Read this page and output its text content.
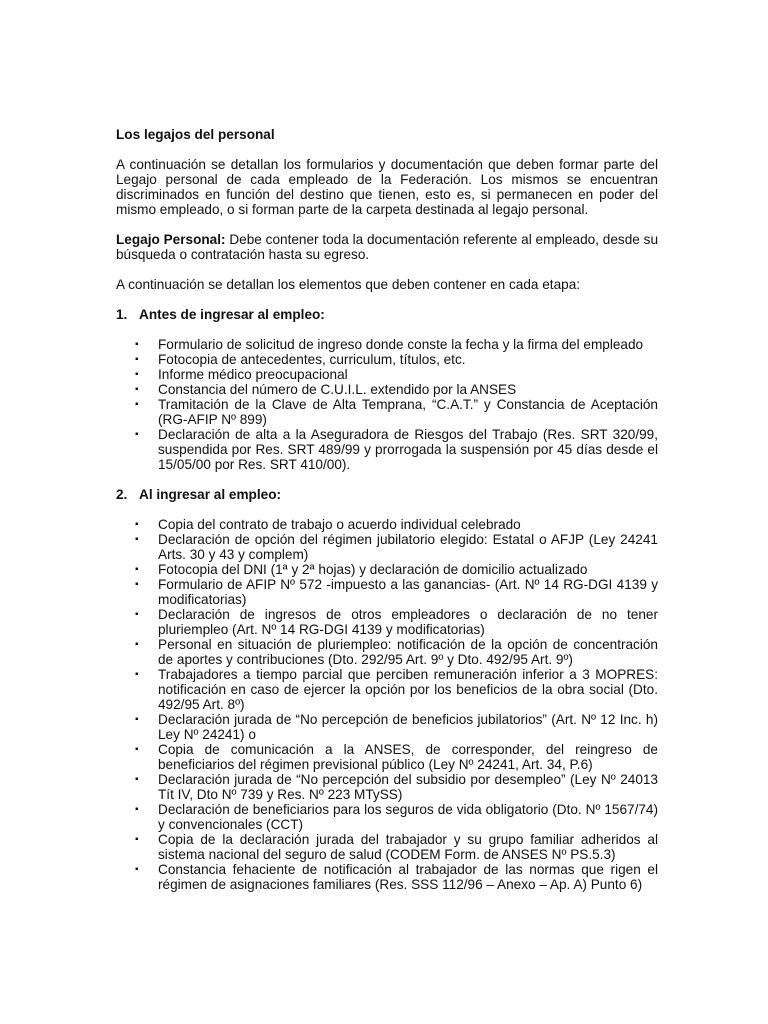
Los legajos del personal

A continuación se detallan los formularios y documentación que deben formar parte del Legajo personal de cada empleado de la Federación. Los mismos se encuentran discriminados en función del destino que tienen, esto es, si permanecen en poder del mismo empleado, o si forman parte de la carpeta destinada al legajo personal.

Legajo Personal: Debe contener toda la documentación referente al empleado, desde su búsqueda o contratación hasta su egreso.

A continuación se detallan los elementos que deben contener en cada etapa:

1. Antes de ingresar al empleo:
▪	Formulario de solicitud de ingreso donde conste la fecha y la firma del empleado
▪	Fotocopia de antecedentes, curriculum, títulos, etc.
▪	Informe médico preocupacional
▪	Constancia del número de C.U.I.L. extendido por la ANSES
▪	Tramitación de la Clave de Alta Temprana, “C.A.T.” y Constancia de Aceptación (RG-AFIP Nº 899)
▪	Declaración de alta a la Aseguradora de Riesgos del Trabajo (Res. SRT 320/99, suspendida por Res. SRT 489/99 y prorrogada la suspensión por 45 días desde el 15/05/00 por Res. SRT 410/00).
2. Al ingresar al empleo:
▪	Copia del contrato de trabajo o acuerdo individual celebrado
▪	Declaración de opción del régimen jubilatorio elegido: Estatal o AFJP (Ley 24241 Arts. 30 y 43 y complem)
▪	Fotocopia del DNI (1ª y 2ª hojas) y declaración de domicilio actualizado
▪	Formulario de AFIP Nº 572 -impuesto a las ganancias- (Art. Nº 14 RG-DGI 4139 y modificatorias)
▪	Declaración de ingresos de otros empleadores o declaración de no tener pluriempleo (Art. Nº 14 RG-DGI 4139 y modificatorias)
▪	Personal en situación de pluriempleo: notificación de la opción de concentración de aportes y contribuciones (Dto. 292/95 Art. 9º y Dto. 492/95 Art. 9º)
▪	Trabajadores a tiempo parcial que perciben remuneración inferior a 3 MOPRES: notificación en caso de ejercer la opción por los beneficios de la obra social (Dto. 492/95 Art. 8º)
▪	Declaración jurada de “No percepción de beneficios jubilatorios” (Art. Nº 12 Inc. h) Ley Nº 24241) o
▪	Copia de comunicación a la ANSES, de corresponder, del reingreso de beneficiarios del régimen previsional público (Ley Nº 24241, Art. 34, P.6)
▪	Declaración jurada de “No percepción del subsidio por desempleo” (Ley Nº 24013 Tít IV, Dto Nº 739 y Res. Nº 223 MTySS)
▪	Declaración de beneficiarios para los seguros de vida obligatorio (Dto. Nº 1567/74) y convencionales (CCT)
▪	Copia de la declaración jurada del trabajador y su grupo familiar adheridos al sistema nacional del seguro de salud (CODEM Form. de ANSES Nº PS.5.3)
▪	Constancia fehaciente de notificación al trabajador de las normas que rigen el régimen de asignaciones familiares (Res. SSS 112/96 – Anexo – Ap. A) Punto 6)
